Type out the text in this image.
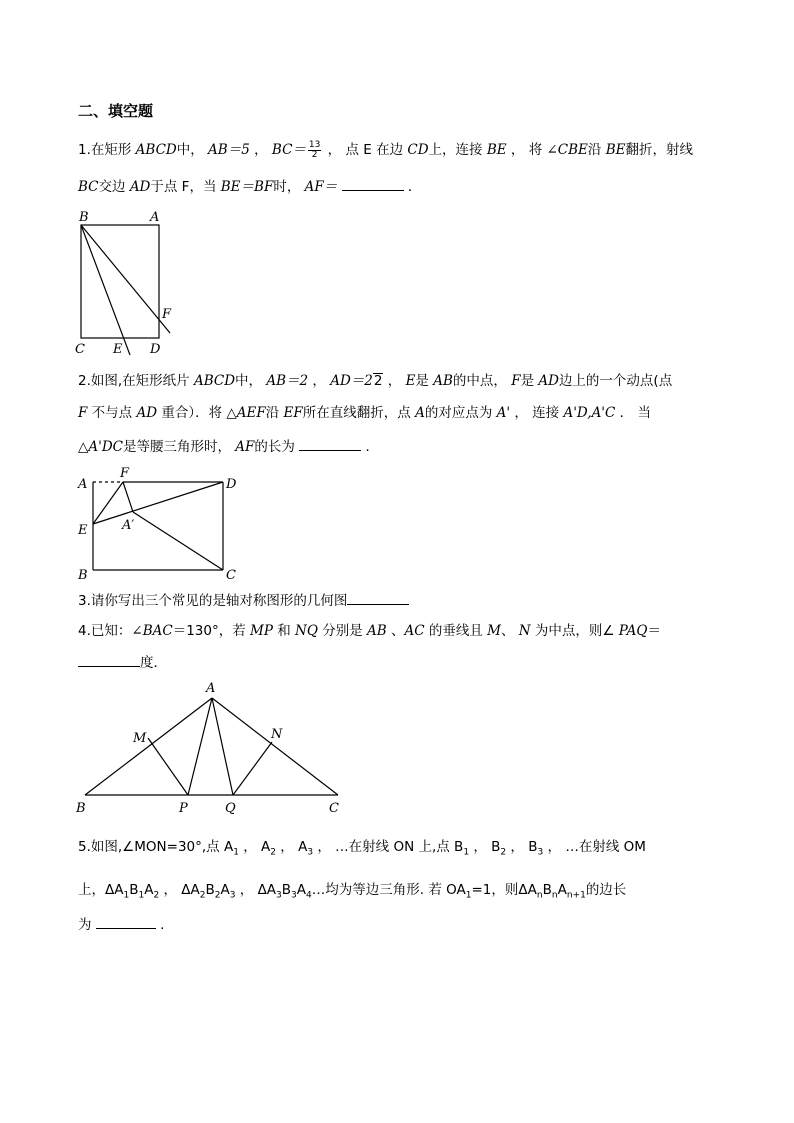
二、填空题
1.在矩形 ABCD中， AB＝5 ， $BC= \frac{13}{2}$ ， 点 E 在边 CD上，连接 BE ， 将 ∠CBE沿 BE翻折，射线
BC交边 AD于点 F，当 BE＝BF时， AF＝	．
B	A
F
C E D
2.如图,在矩形纸片 ABCD中， AB＝2 ， AD＝22 ， E是 AB的中点， F是 AD边上的一个动点(点
F 不与点 AD 重合）．将 △AEF沿 EF所在直线翻折，点 A的对应点为 A' ， 连接 A'D,A'C ． 当
△A'DC是等腰三角形时， AF的长为	．
A
F
D
E	A′
B	C
3.请你写出三个常见的是轴对称图形的几何图
4.已知：∠BAC＝130°，若 MP 和 NQ 分别是 AB 、AC 的垂线且 M、 N 为中点，则∠ PAQ＝
度．
A
M	N
B	P	Q	C
5.如图,∠MON=30°,点 $A_1$ ， $A_2$ ， $A_3$ ， …在射线 ON 上,点 $B_1$ ， $B_2$ ， $B_3$ ， …在射线 OM
上，$\Delta A_1B_1A_2$ ， $\Delta A_2B_2A_3$ ， $\Delta A_3B_3A_4\dots$均为等边三角形. 若 $OA_1=1$，则$\Delta A_nB_nA_{n+1}$的边长
为	.
